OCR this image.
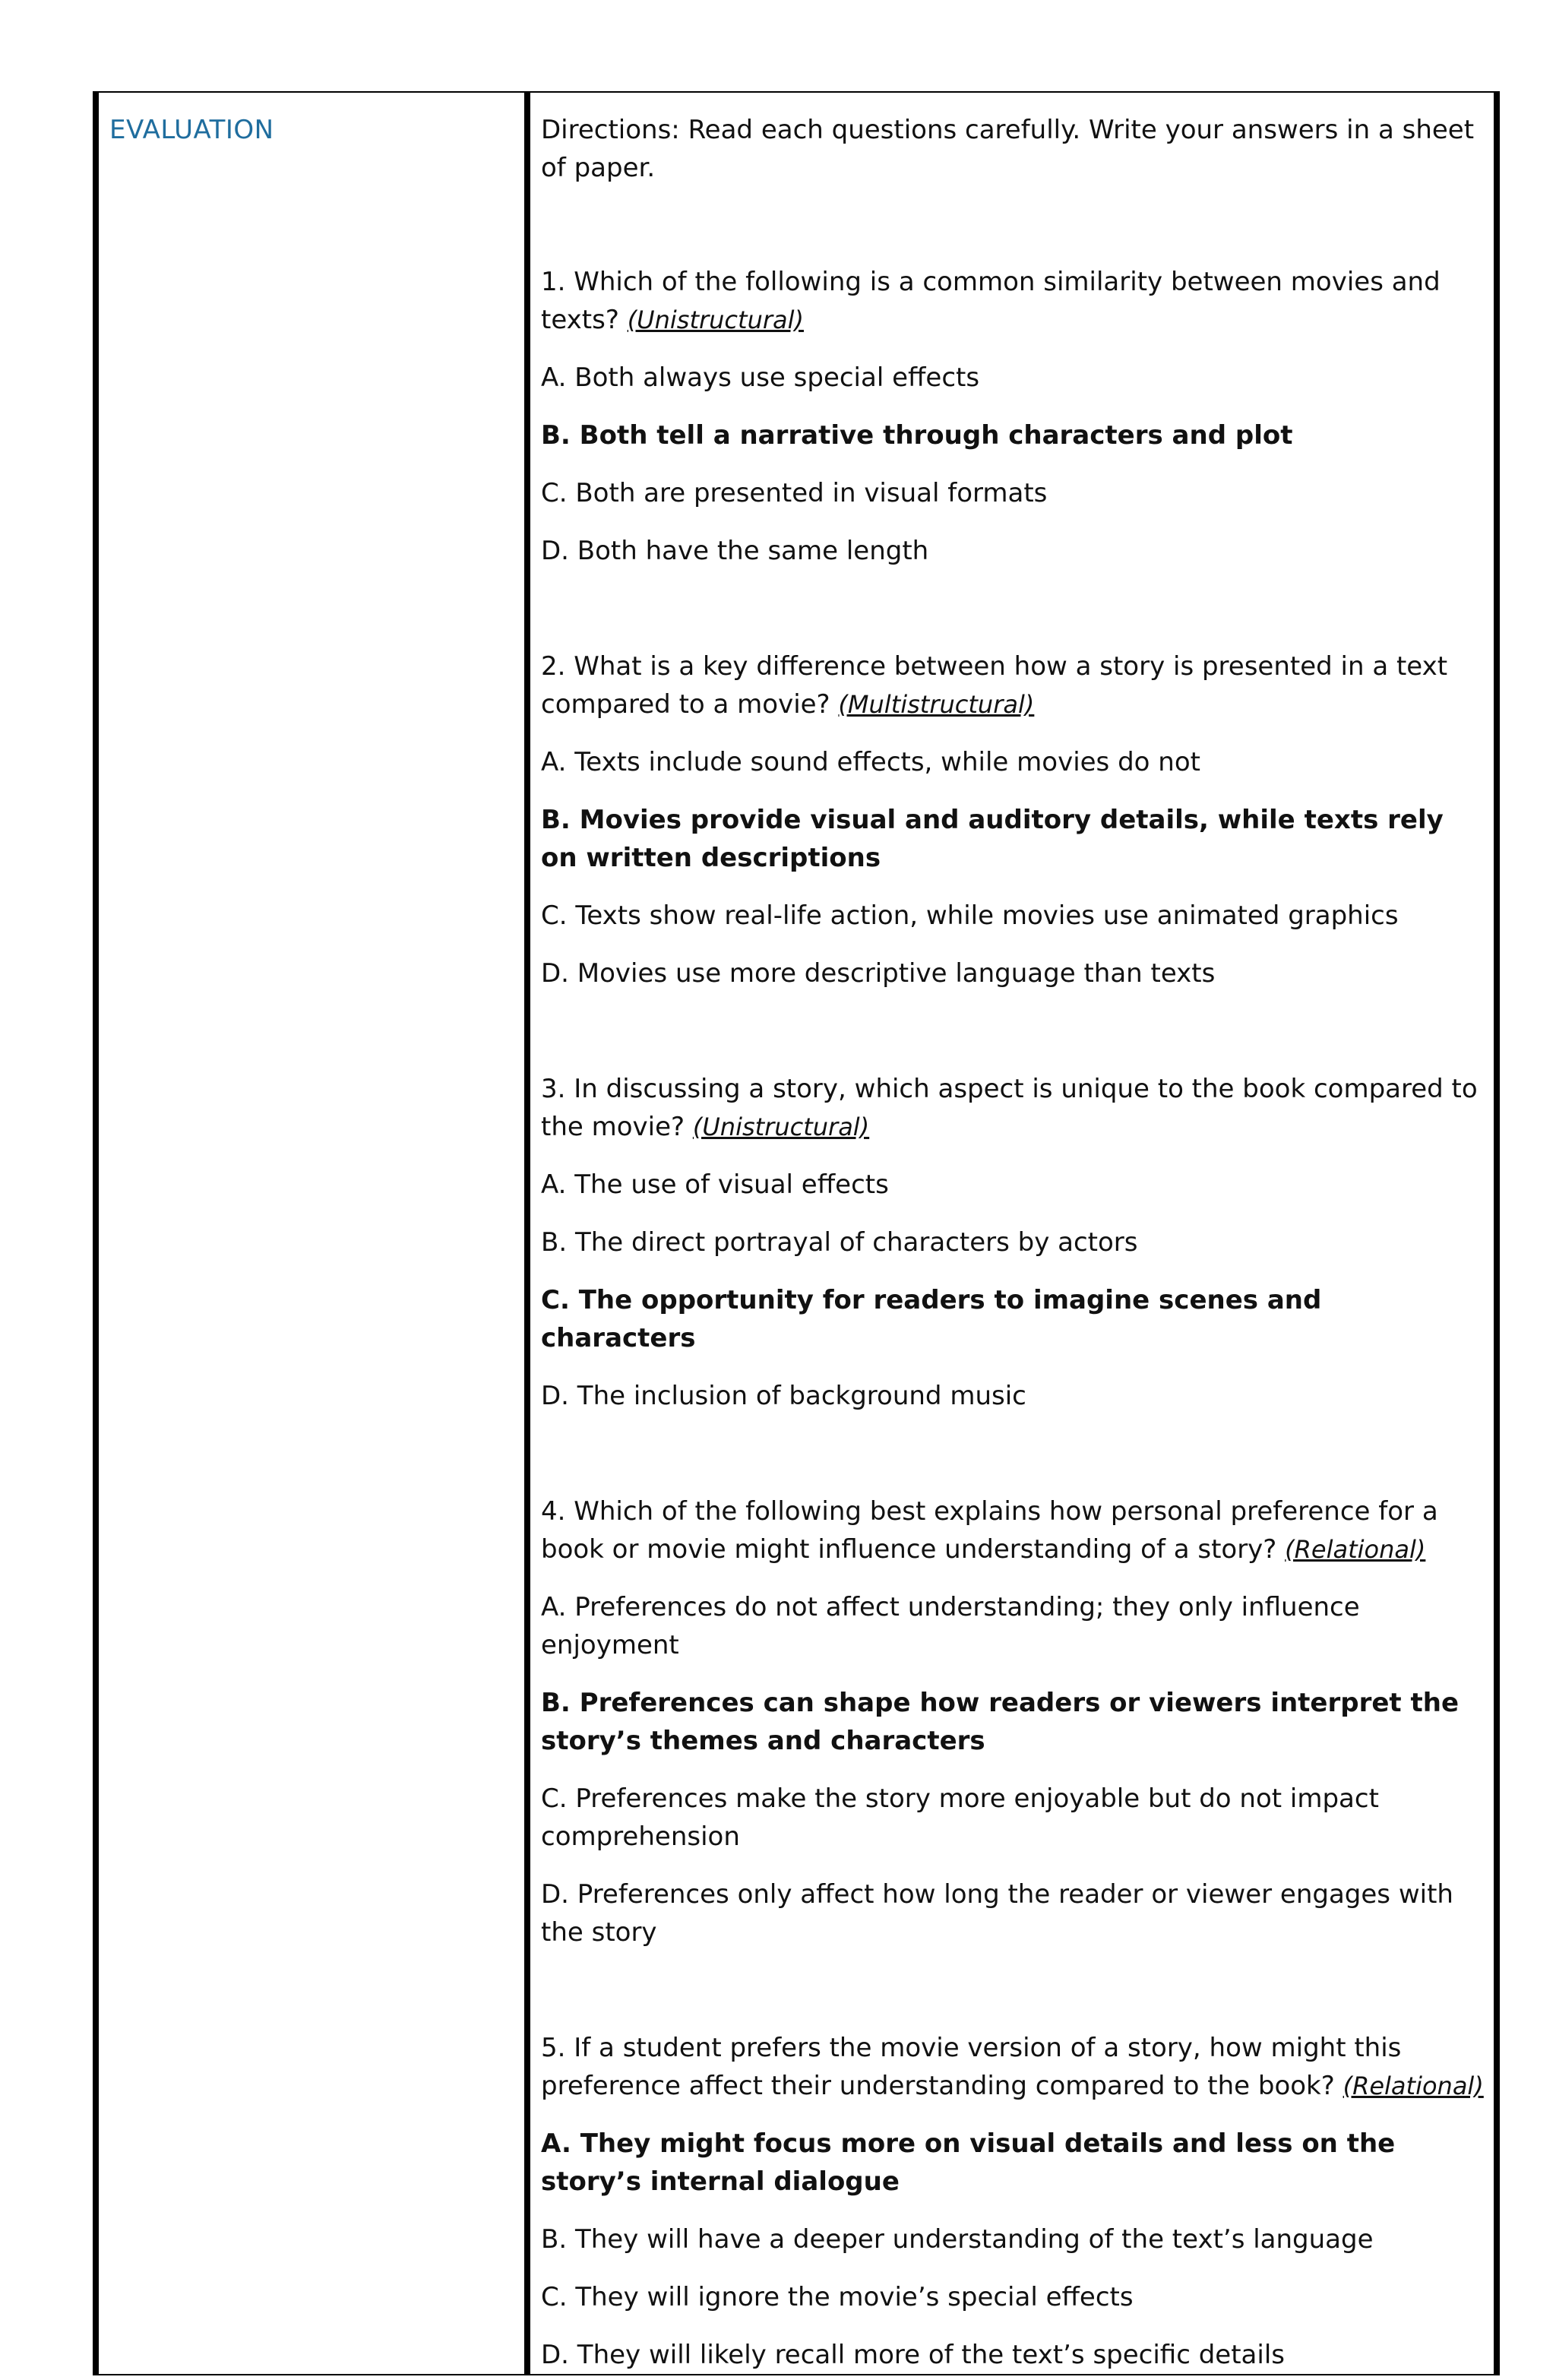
EVALUATION	Directions: Read each questions carefully. Write your answers in a sheet of paper.

1. Which of the following is a common similarity between movies and texts? (Unistructural)

A. Both always use special effects

B. Both tell a narrative through characters and plot

C. Both are presented in visual formats

D. Both have the same length

2. What is a key difference between how a story is presented in a text compared to a movie? (Multistructural)

A. Texts include sound effects, while movies do not

B. Movies provide visual and auditory details, while texts rely on written descriptions

C. Texts show real-life action, while movies use animated graphics

D. Movies use more descriptive language than texts

3. In discussing a story, which aspect is unique to the book compared to the movie? (Unistructural)

A. The use of visual effects

B. The direct portrayal of characters by actors

C. The opportunity for readers to imagine scenes and characters

D. The inclusion of background music

4. Which of the following best explains how personal preference for a book or movie might influence understanding of a story? (Relational)

A. Preferences do not affect understanding; they only influence enjoyment

B. Preferences can shape how readers or viewers interpret the story’s themes and characters

C. Preferences make the story more enjoyable but do not impact comprehension

D. Preferences only affect how long the reader or viewer engages with the story

5. If a student prefers the movie version of a story, how might this preference affect their understanding compared to the book? (Relational)

A. They might focus more on visual details and less on the story’s internal dialogue

B. They will have a deeper understanding of the text’s language

C. They will ignore the movie’s special effects

D. They will likely recall more of the text’s specific details
